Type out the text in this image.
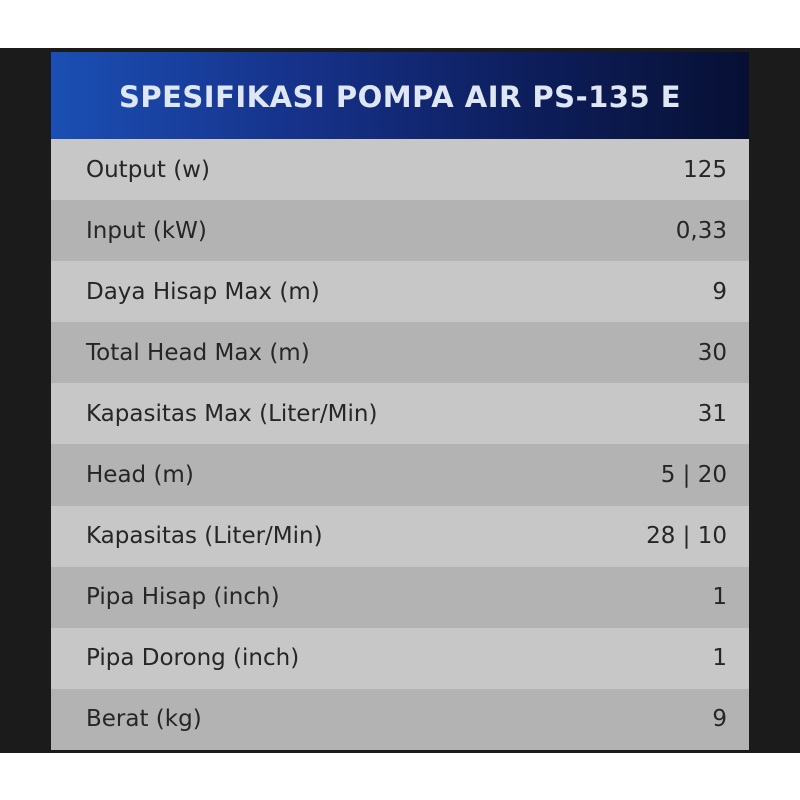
SPESIFIKASI POMPA AIR PS-135 E
Output (w)	125
Input (kW)	0,33
Daya Hisap Max (m)	9
Total Head Max (m)	30
Kapasitas Max (Liter/Min)	31
Head (m)	5 | 20
Kapasitas (Liter/Min)	28 | 10
Pipa Hisap (inch)	1
Pipa Dorong (inch)	1
Berat (kg)	9
